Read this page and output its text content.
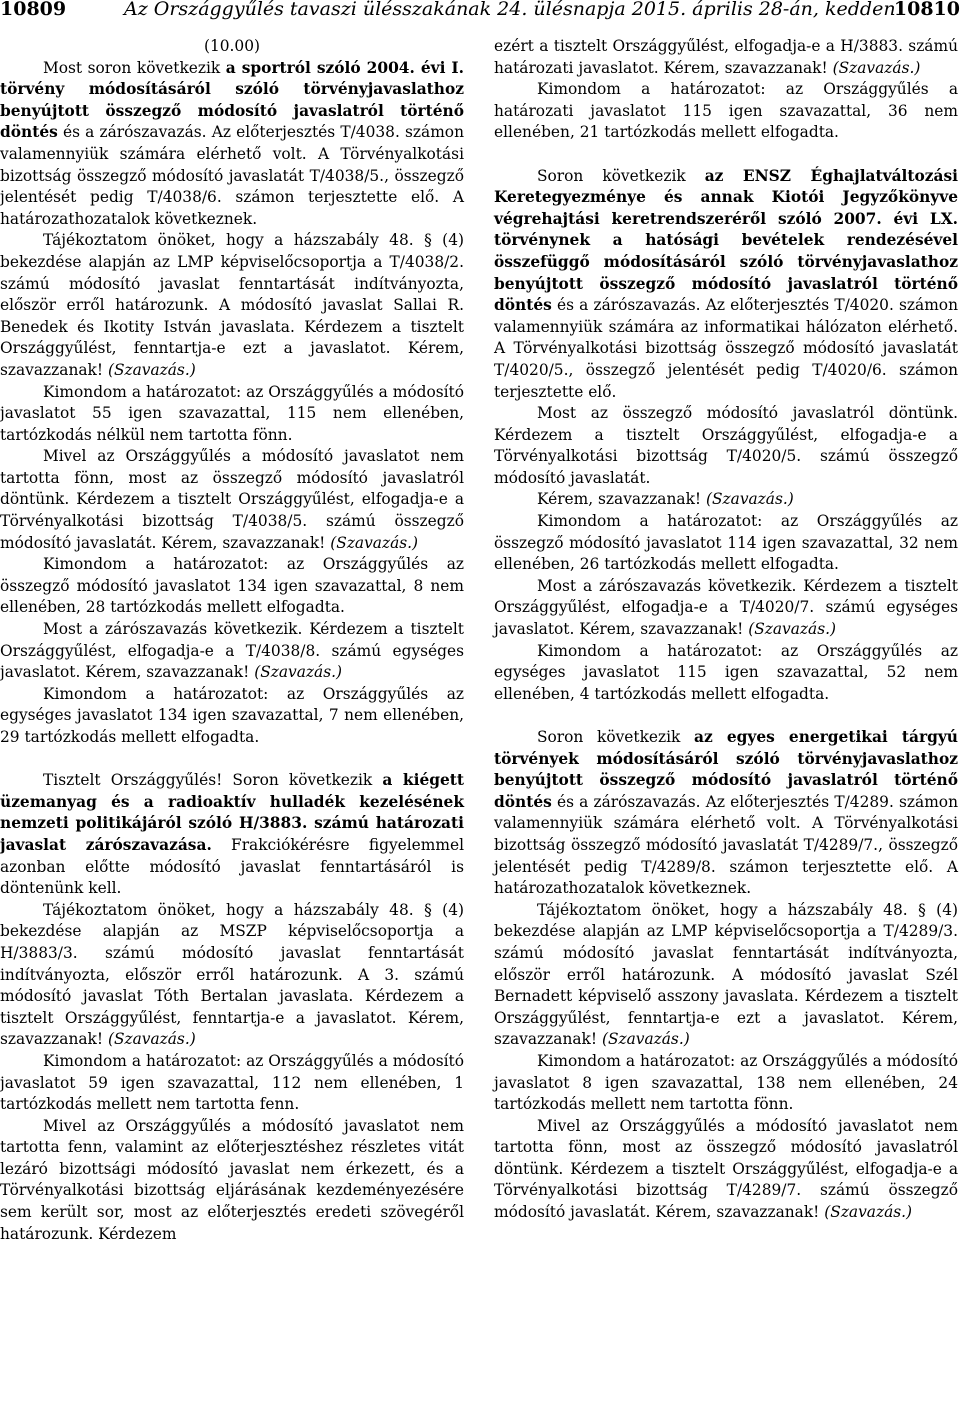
10809	Az Országgyűlés tavaszi ülésszakának 24. ülésnapja 2015. április 28-án, kedden
10810

(10.00)

Most soron következik a sportról szóló 2004. évi I. törvény módosításáról szóló törvényjavaslathoz benyújtott összegző módosító javaslatról történő döntés és a zárószavazás. Az előterjesztés T/4038. számon valamennyiük számára elérhető volt. A Törvényalkotási bizottság összegző módosító javaslatát T/4038/5., összegző jelentését pedig T/4038/6. számon terjesztette elő. A határozathozatalok következnek.

Tájékoztatom önöket, hogy a házszabály 48. § (4) bekezdése alapján az LMP képviselőcsoportja a T/4038/2. számú módosító javaslat fenntartását indítványozta, először erről határozunk. A módosító javaslat Sallai R. Benedek és Ikotity István javaslata. Kérdezem a tisztelt Országgyűlést, fenntartja-e ezt a javaslatot. Kérem, szavazzanak! (Szavazás.)

Kimondom a határozatot: az Országgyűlés a módosító javaslatot 55 igen szavazattal, 115 nem ellenében, tartózkodás nélkül nem tartotta fönn.

Mivel az Országgyűlés a módosító javaslatot nem tartotta fönn, most az összegző módosító javaslatról döntünk. Kérdezem a tisztelt Országgyűlést, elfogadja-e a Törvényalkotási bizottság T/4038/5. számú összegző módosító javaslatát. Kérem, szavazzanak! (Szavazás.)

Kimondom a határozatot: az Országgyűlés az összegző módosító javaslatot 134 igen szavazattal, 8 nem ellenében, 28 tartózkodás mellett elfogadta.

Most a zárószavazás következik. Kérdezem a tisztelt Országgyűlést, elfogadja-e a T/4038/8. számú egységes javaslatot. Kérem, szavazzanak! (Szavazás.)

Kimondom a határozatot: az Országgyűlés az egységes javaslatot 134 igen szavazattal, 7 nem ellenében, 29 tartózkodás mellett elfogadta.

Tisztelt Országgyűlés! Soron következik a kiégett üzemanyag és a radioaktív hulladék kezelésének nemzeti politikájáról szóló H/3883. számú határozati javaslat zárószavazása. Frakciókérésre figyelemmel azonban előtte módosító javaslat fenntartásáról is döntenünk kell.

Tájékoztatom önöket, hogy a házszabály 48. § (4) bekezdése alapján az MSZP képviselőcsoportja a H/3883/3. számú módosító javaslat fenntartását indítványozta, először erről határozunk. A 3. számú módosító javaslat Tóth Bertalan javaslata. Kérdezem a tisztelt Országgyűlést, fenntartja-e a javaslatot. Kérem, szavazzanak! (Szavazás.)

Kimondom a határozatot: az Országgyűlés a módosító javaslatot 59 igen szavazattal, 112 nem ellenében, 1 tartózkodás mellett nem tartotta fenn.

Mivel az Országgyűlés a módosító javaslatot nem tartotta fenn, valamint az előterjesztéshez részletes vitát lezáró bizottsági módosító javaslat nem érkezett, és a Törvényalkotási bizottság eljárásának kezdeményezésére sem került sor, most az előterjesztés eredeti szövegéről határozunk. Kérdezem

ezért a tisztelt Országgyűlést, elfogadja-e a H/3883. számú határozati javaslatot. Kérem, szavazzanak! (Szavazás.)

Kimondom a határozatot: az Országgyűlés a határozati javaslatot 115 igen szavazattal, 36 nem ellenében, 21 tartózkodás mellett elfogadta.

Soron következik az ENSZ Éghajlatváltozási Keretegyezménye és annak Kiotói Jegyzőkönyve végrehajtási keretrendszeréről szóló 2007. évi LX. törvénynek a hatósági bevételek rendezésével összefüggő módosításáról szóló törvényjavaslathoz benyújtott összegző módosító javaslatról történő döntés és a zárószavazás. Az előterjesztés T/4020. számon valamennyiük számára az informatikai hálózaton elérhető. A Törvényalkotási bizottság összegző módosító javaslatát T/4020/5., összegző jelentését pedig T/4020/6. számon terjesztette elő.

Most az összegző módosító javaslatról döntünk. Kérdezem a tisztelt Országgyűlést, elfogadja-e a Törvényalkotási bizottság T/4020/5. számú összegző módosító javaslatát.

Kérem, szavazzanak! (Szavazás.)

Kimondom a határozatot: az Országgyűlés az összegző módosító javaslatot 114 igen szavazattal, 32 nem ellenében, 26 tartózkodás mellett elfogadta.

Most a zárószavazás következik. Kérdezem a tisztelt Országgyűlést, elfogadja-e a T/4020/7. számú egységes javaslatot. Kérem, szavazzanak! (Szavazás.)

Kimondom a határozatot: az Országgyűlés az egységes javaslatot 115 igen szavazattal, 52 nem ellenében, 4 tartózkodás mellett elfogadta.

Soron következik az egyes energetikai tárgyú törvények módosításáról szóló törvényjavaslathoz benyújtott összegző módosító javaslatról történő döntés és a zárószavazás. Az előterjesztés T/4289. számon valamennyiük számára elérhető volt. A Törvényalkotási bizottság összegző módosító javaslatát T/4289/7., összegző jelentését pedig T/4289/8. számon terjesztette elő. A határozathozatalok következnek.

Tájékoztatom önöket, hogy a házszabály 48. § (4) bekezdése alapján az LMP képviselőcsoportja a T/4289/3. számú módosító javaslat fenntartását indítványozta, először erről határozunk. A módosító javaslat Szél Bernadett képviselő asszony javaslata. Kérdezem a tisztelt Országgyűlést, fenntartja-e ezt a javaslatot. Kérem, szavazzanak! (Szavazás.)

Kimondom a határozatot: az Országgyűlés a módosító javaslatot 8 igen szavazattal, 138 nem ellenében, 24 tartózkodás mellett nem tartotta fönn.

Mivel az Országgyűlés a módosító javaslatot nem tartotta fönn, most az összegző módosító javaslatról döntünk. Kérdezem a tisztelt Országgyűlést, elfogadja-e a Törvényalkotási bizottság T/4289/7. számú összegző módosító javaslatát. Kérem, szavazzanak! (Szavazás.)
